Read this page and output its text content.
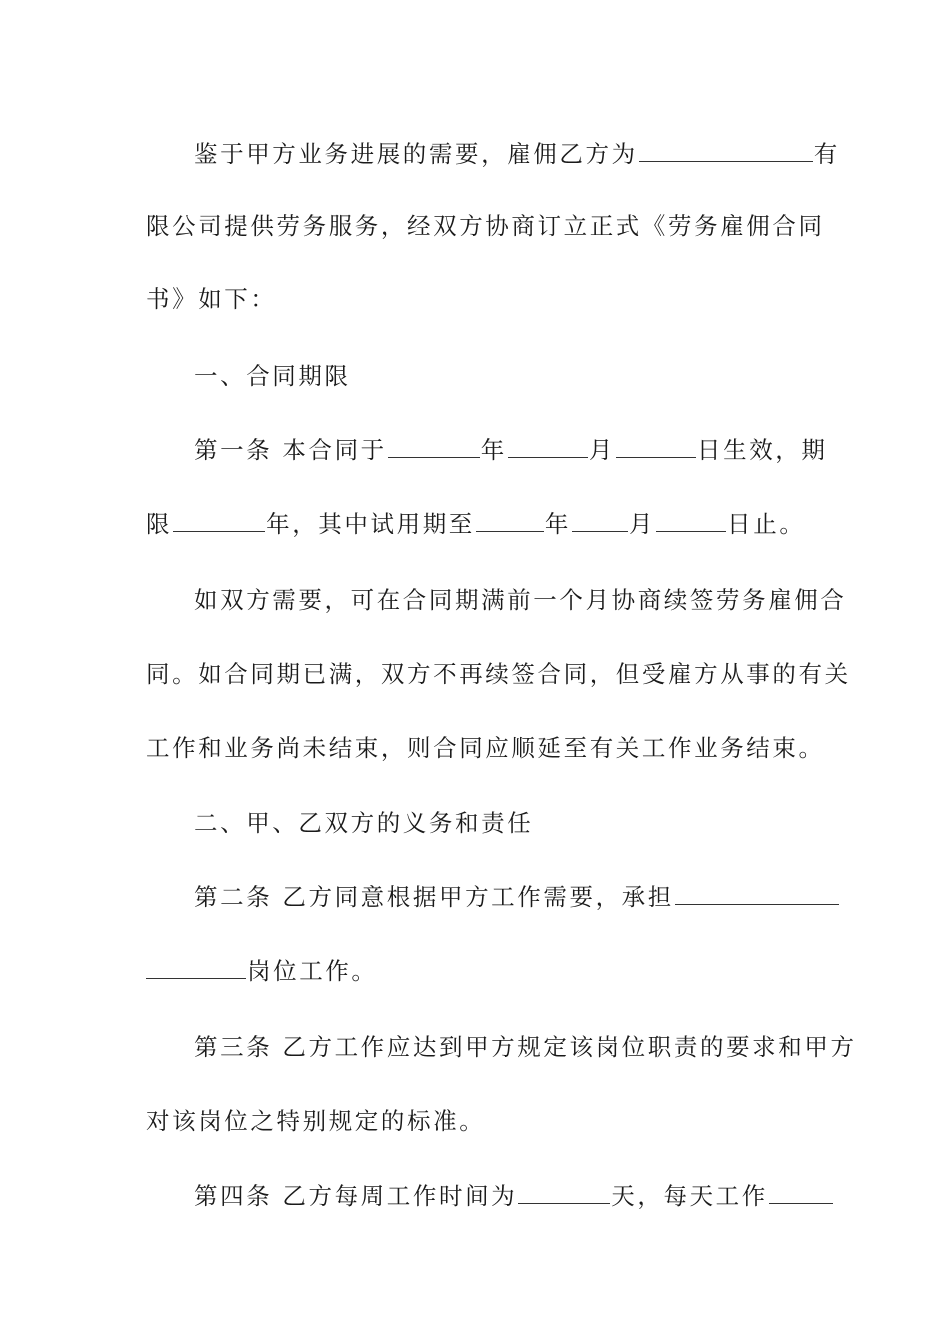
鉴于甲方业务进展的需要，雇佣乙方为	有
限公司提供劳务服务，经双方协商订立正式《劳务雇佣合同
书》如下：
一、合同期限
第一条 本合同于	年	月	日生效，期
限	年，其中试用期至	年 月	日止。
如双方需要，可在合同期满前一个月协商续签劳务雇佣合
同。如合同期已满，双方不再续签合同，但受雇方从事的有关
工作和业务尚未结束，则合同应顺延至有关工作业务结束。
二、甲、乙双方的义务和责任
第二条 乙方同意根据甲方工作需要，承担
岗位工作。
第三条 乙方工作应达到甲方规定该岗位职责的要求和甲方
对该岗位之特别规定的标准。
第四条 乙方每周工作时间为	天，每天工作
